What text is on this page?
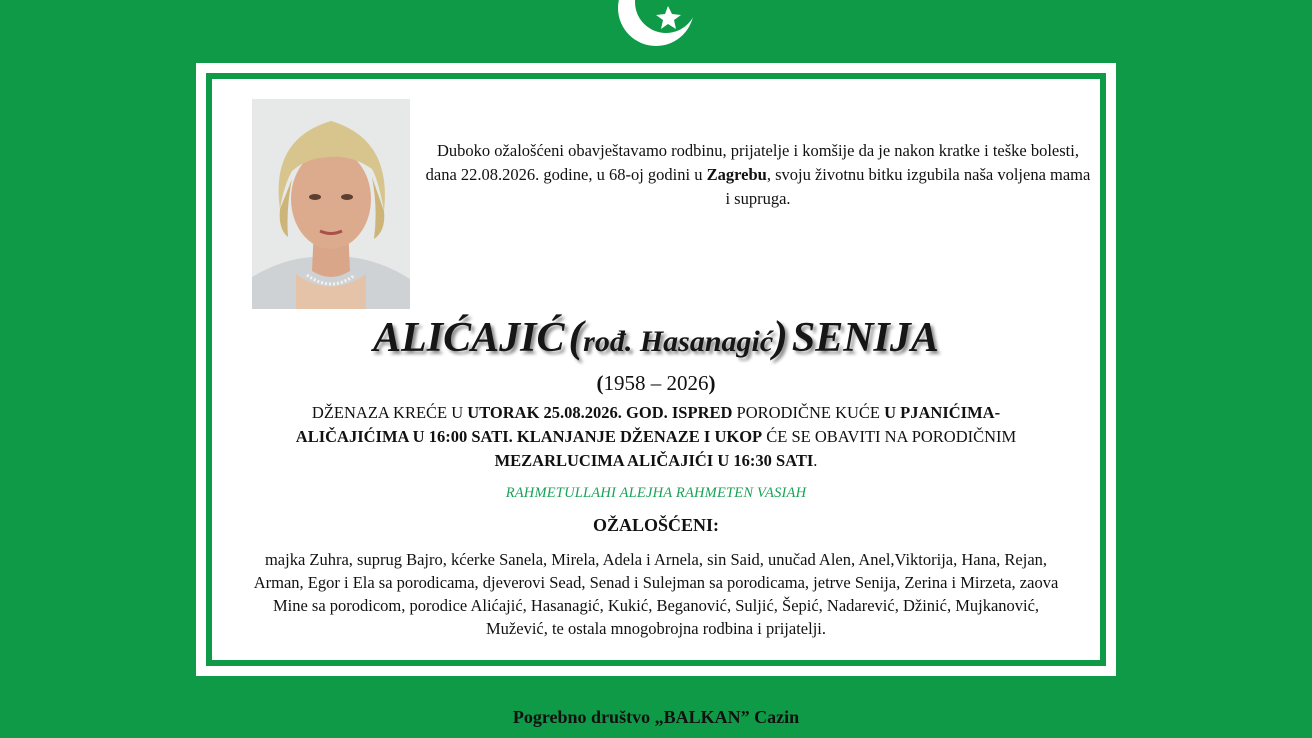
Duboko ožalošćeni obavještavamo rodbinu, prijatelje i komšije da je nakon kratke i teške bolesti, dana 22.08.2026. godine, u 68-oj godini u Zagrebu, svoju životnu bitku izgubila naša voljena mama i supruga.
ALIĆAJIĆ (rođ. Hasanagić) SENIJA
(1958 – 2026)
DŽENAZA KREĆE U UTORAK 25.08.2026. GOD. ISPRED PORODIČNE KUĆE U PJANIĆIMA-ALIČAJIĆIMA U 16:00 SATI. KLANJANJE DŽENAZE I UKOP ĆE SE OBAVITI NA PORODIČNIM MEZARLUCIMA ALIČAJIĆI U 16:30 SATI.
RAHMETULLAHI ALEJHA RAHMETEN VASIAH
OŽALOŠĆENI:
majka Zuhra, suprug Bajro, kćerke Sanela, Mirela, Adela i Arnela, sin Said, unučad Alen, Anel,Viktorija, Hana, Rejan, Arman, Egor i Ela sa porodicama, djeverovi Sead, Senad i Sulejman sa porodicama, jetrve Senija, Zerina i Mirzeta, zaova Mine sa porodicom, porodice Alićajić, Hasanagić, Kukić, Beganović, Suljić, Šepić, Nadarević, Džinić, Mujkanović, Mužević, te ostala mnogobrojna rodbina i prijatelji.
Pogrebno društvo „BALKAN” Cazin
